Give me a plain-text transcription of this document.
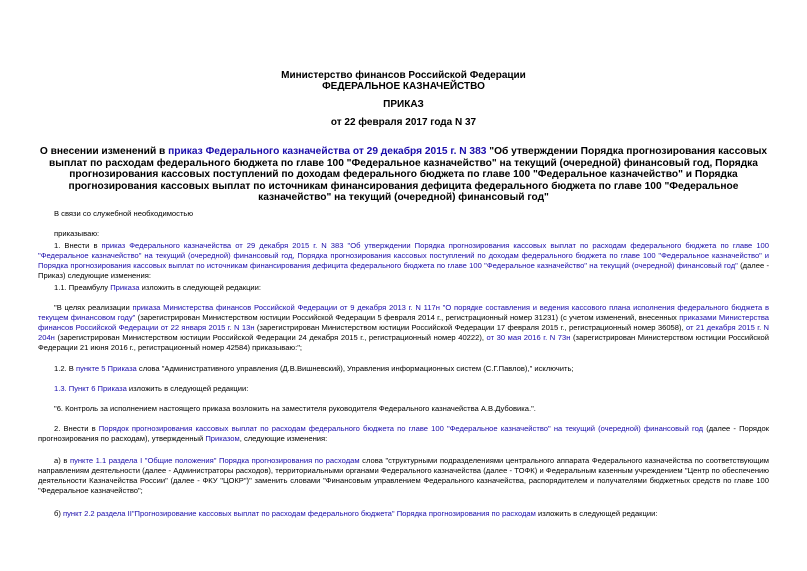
Министерство финансов Российской Федерации
ФЕДЕРАЛЬНОЕ КАЗНАЧЕЙСТВО
ПРИКАЗ
от 22 февраля 2017 года N 37
О внесении изменений в приказ Федерального казначейства от 29 декабря 2015 г. N 383 "Об утверждении Порядка прогнозирования кассовых выплат по расходам федерального бюджета по главе 100 "Федеральное казначейство" на текущий (очередной) финансовый год, Порядка прогнозирования кассовых поступлений по доходам федерального бюджета по главе 100 "Федеральное казначейство" и Порядка прогнозирования кассовых выплат по источникам финансирования дефицита федерального бюджета по главе 100 "Федеральное казначейство" на текущий (очередной) финансовый год"
В связи со служебной необходимостью
приказываю:
1. Внести в приказ Федерального казначейства от 29 декабря 2015 г. N 383 "Об утверждении Порядка прогнозирования кассовых выплат по расходам федерального бюджета по главе 100 "Федеральное казначейство" на текущий (очередной) финансовый год, Порядка прогнозирования кассовых поступлений по доходам федерального бюджета по главе 100 "Федеральное казначейство" и Порядка прогнозирования кассовых выплат по источникам финансирования дефицита федерального бюджета по главе 100 "Федеральное казначейство" на текущий (очередной) финансовый год" (далее - Приказ) следующие изменения:
1.1. Преамбулу Приказа изложить в следующей редакции:
"В целях реализации приказа Министерства финансов Российской Федерации от 9 декабря 2013 г. N 117н "О порядке составления и ведения кассового плана исполнения федерального бюджета в текущем финансовом году" (зарегистрирован Министерством юстиции Российской Федерации 5 февраля 2014 г., регистрационный номер 31231) (с учетом изменений, внесенных приказами Министерства финансов Российской Федерации от 22 января 2015 г. N 13н (зарегистрирован Министерством юстиции Российской Федерации 17 февраля 2015 г., регистрационный номер 36058), от 21 декабря 2015 г. N 204н (зарегистрирован Министерством юстиции Российской Федерации 24 декабря 2015 г., регистрационный номер 40222), от 30 мая 2016 г. N 73н (зарегистрирован Министерством юстиции Российской Федерации 21 июня 2016 г., регистрационный номер 42584) приказываю:";
1.2. В пункте 5 Приказа слова "Административного управления (Д.В.Вишневский), Управления информационных систем (С.Г.Павлов)," исключить;
1.3. Пункт 6 Приказа изложить в следующей редакции:
"6. Контроль за исполнением настоящего приказа возложить на заместителя руководителя Федерального казначейства А.В.Дубовика.".
2. Внести в Порядок прогнозирования кассовых выплат по расходам федерального бюджета по главе 100 "Федеральное казначейство" на текущий (очередной) финансовый год (далее - Порядок прогнозирования по расходам), утвержденный Приказом, следующие изменения:
а) в пункте 1.1 раздела I "Общие положения" Порядка прогнозирования по расходам слова "структурными подразделениями центрального аппарата Федерального казначейства по соответствующим направлениям деятельности (далее - Администраторы расходов), территориальными органами Федерального казначейства (далее - ТОФК) и Федеральным казенным учреждением "Центр по обеспечению деятельности Казначейства России" (далее - ФКУ "ЦОКР")" заменить словами "Финансовым управлением Федерального казначейства, распорядителем и получателями бюджетных средств по главе 100 "Федеральное казначейство";
б) пункт 2.2 раздела II"Прогнозирование кассовых выплат по расходам федерального бюджета" Порядка прогнозирования по расходам изложить в следующей редакции:
